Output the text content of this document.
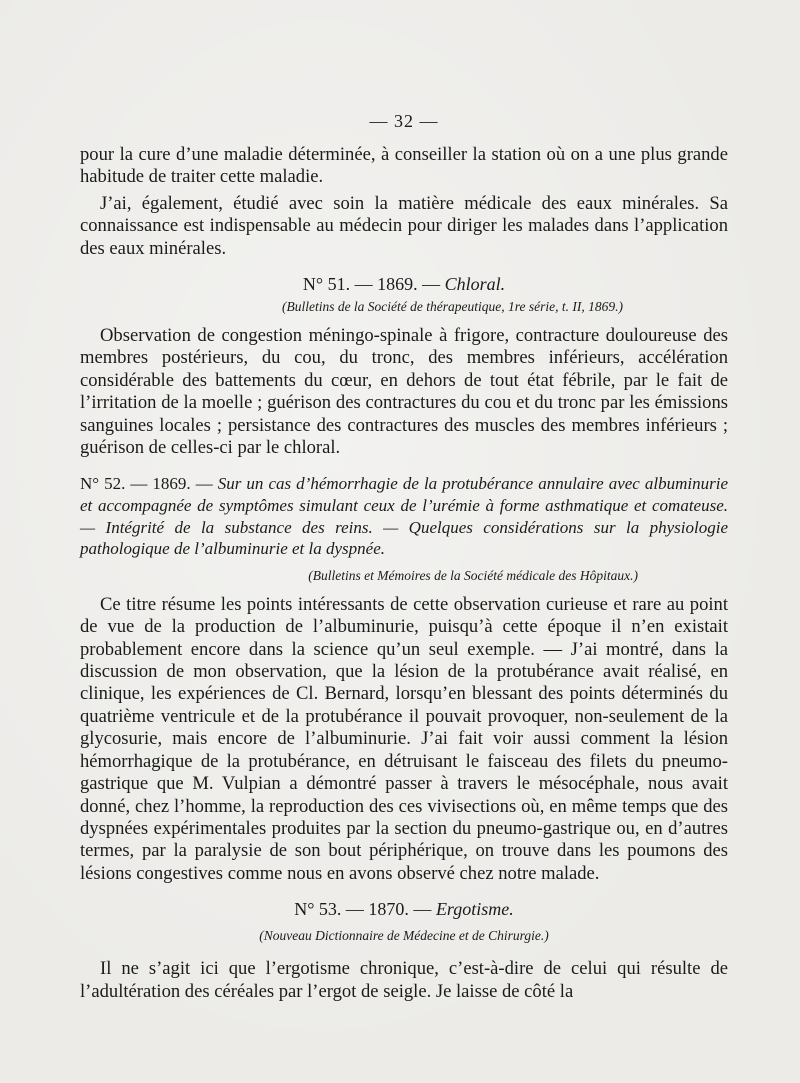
— 32 —

pour la cure d’une maladie déterminée, à conseiller la station où on a une plus grande habitude de traiter cette maladie.

J’ai, également, étudié avec soin la matière médicale des eaux minérales. Sa connaissance est indispensable au médecin pour diriger les malades dans l’application des eaux minérales.

N° 51. — 1869. — Chloral.
(Bulletins de la Société de thérapeutique, 1re série, t. II, 1869.)

Observation de congestion méningo-spinale à frigore, contracture douloureuse des membres postérieurs, du cou, du tronc, des membres inférieurs, accélération considérable des battements du cœur, en dehors de tout état fébrile, par le fait de l’irritation de la moelle ; guérison des contractures du cou et du tronc par les émissions sanguines locales ; persistance des contractures des muscles des membres inférieurs ; guérison de celles-ci par le chloral.

N° 52. — 1869. — Sur un cas d’hémorrhagie de la protubérance annulaire avec albuminurie et accompagnée de symptômes simulant ceux de l’urémie à forme asthmatique et comateuse. — Intégrité de la substance des reins. — Quelques considérations sur la physiologie pathologique de l’albuminurie et la dyspnée.
(Bulletins et Mémoires de la Société médicale des Hôpitaux.)

Ce titre résume les points intéressants de cette observation curieuse et rare au point de vue de la production de l’albuminurie, puisqu’à cette époque il n’en existait probablement encore dans la science qu’un seul exemple. — J’ai montré, dans la discussion de mon observation, que la lésion de la protubérance avait réalisé, en clinique, les expériences de Cl. Bernard, lorsqu’en blessant des points déterminés du quatrième ventricule et de la protubérance il pouvait provoquer, non-seulement de la glycosurie, mais encore de l’albuminurie. J’ai fait voir aussi comment la lésion hémorrhagique de la protubérance, en détruisant le faisceau des filets du pneumo-gastrique que M. Vulpian a démontré passer à travers le mésocéphale, nous avait donné, chez l’homme, la reproduction des ces vivisections où, en même temps que des dyspnées expérimentales produites par la section du pneumo-gastrique ou, en d’autres termes, par la paralysie de son bout périphérique, on trouve dans les poumons des lésions congestives comme nous en avons observé chez notre malade.

N° 53. — 1870. — Ergotisme.
(Nouveau Dictionnaire de Médecine et de Chirurgie.)

Il ne s’agit ici que l’ergotisme chronique, c’est-à-dire de celui qui résulte de l’adultération des céréales par l’ergot de seigle. Je laisse de côté la
